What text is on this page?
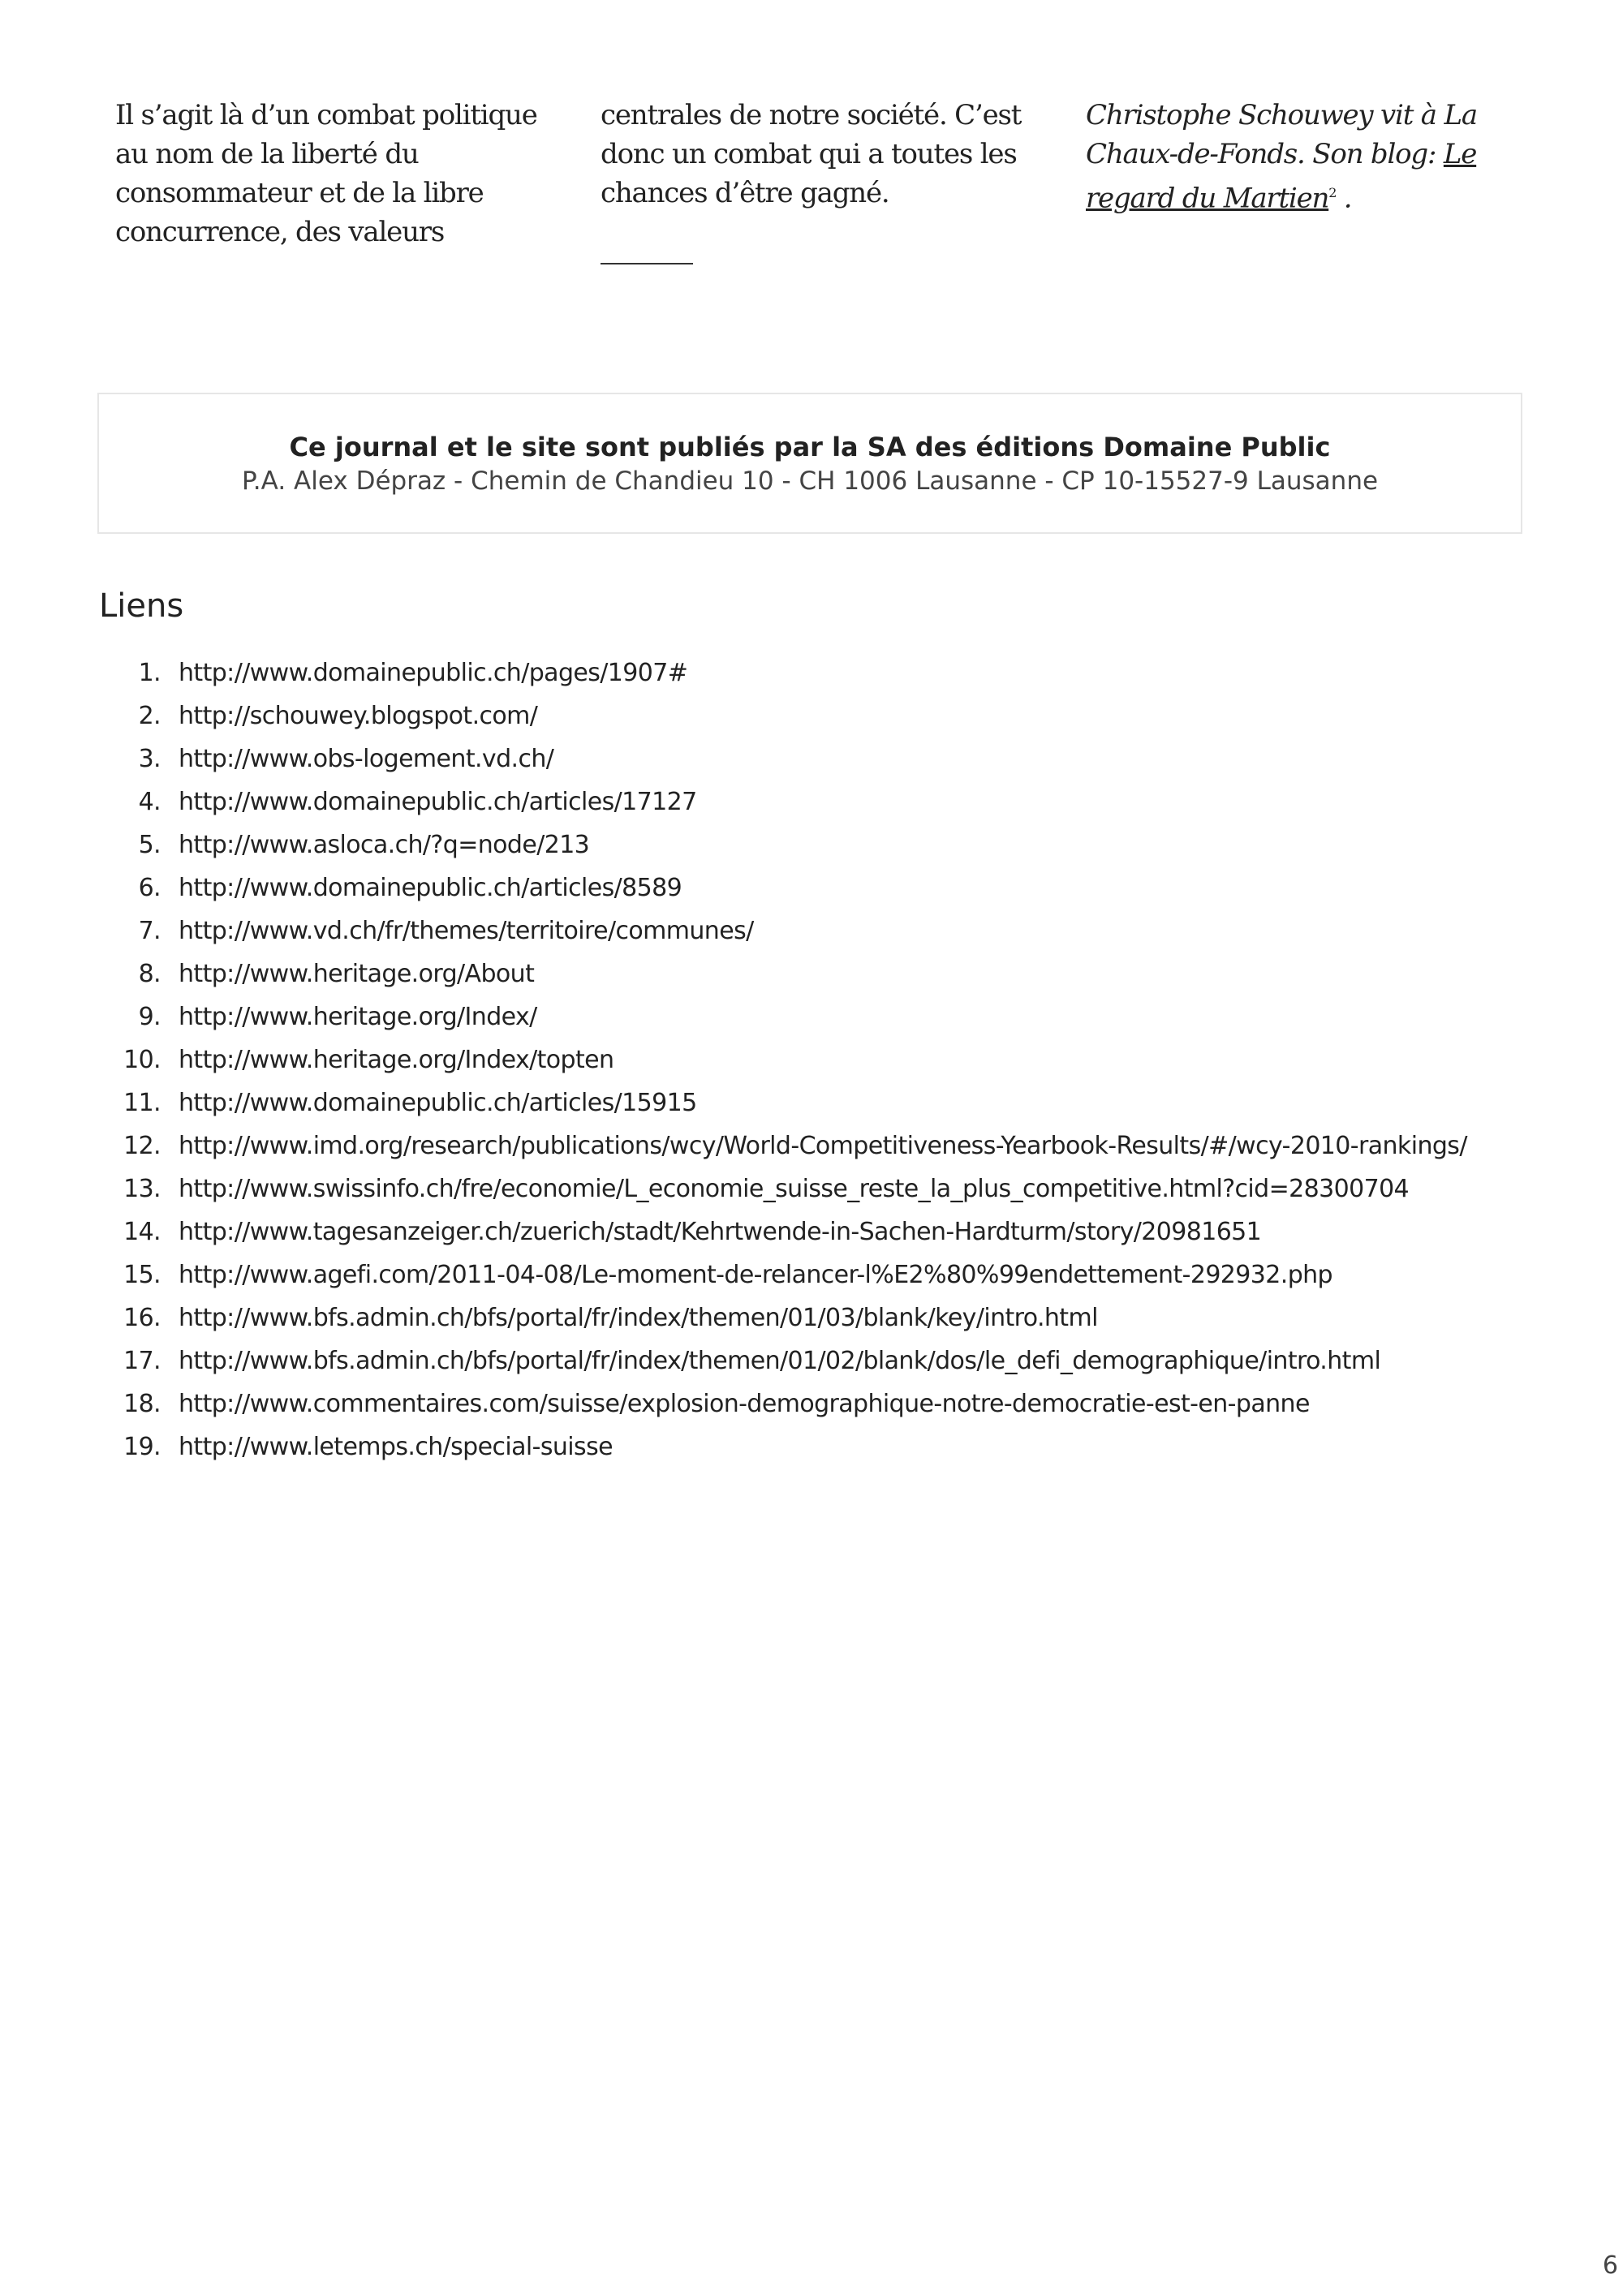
Il s’agit là d’un combat politique au nom de la liberté du consommateur et de la libre concurrence, des valeurs

centrales de notre société. C’est donc un combat qui a toutes les chances d’être gagné.

Christophe Schouwey vit à La Chaux-de-Fonds. Son blog: Le regard du Martien$^2$ .

Ce journal et le site sont publiés par la SA des éditions Domaine Public
P.A. Alex Dépraz - Chemin de Chandieu 10 - CH 1006 Lausanne - CP 10-15527-9 Lausanne
Liens
1. http://www.domainepublic.ch/pages/1907#
2. http://schouwey.blogspot.com/
3. http://www.obs-logement.vd.ch/
4. http://www.domainepublic.ch/articles/17127
5. http://www.asloca.ch/?q=node/213
6. http://www.domainepublic.ch/articles/8589
7. http://www.vd.ch/fr/themes/territoire/communes/
8. http://www.heritage.org/About
9. http://www.heritage.org/Index/
10. http://www.heritage.org/Index/topten
11. http://www.domainepublic.ch/articles/15915
12. http://www.imd.org/research/publications/wcy/World-Competitiveness-Yearbook-Results/#/wcy-2010-rankings/
13. http://www.swissinfo.ch/fre/economie/L_economie_suisse_reste_la_plus_competitive.html?cid=28300704
14. http://www.tagesanzeiger.ch/zuerich/stadt/Kehrtwende-in-Sachen-Hardturm/story/20981651
15. http://www.agefi.com/2011-04-08/Le-moment-de-relancer-l%E2%80%99endettement-292932.php
16. http://www.bfs.admin.ch/bfs/portal/fr/index/themen/01/03/blank/key/intro.html
17. http://www.bfs.admin.ch/bfs/portal/fr/index/themen/01/02/blank/dos/le_defi_demographique/intro.html
18. http://www.commentaires.com/suisse/explosion-demographique-notre-democratie-est-en-panne
19. http://www.letemps.ch/special-suisse
6
